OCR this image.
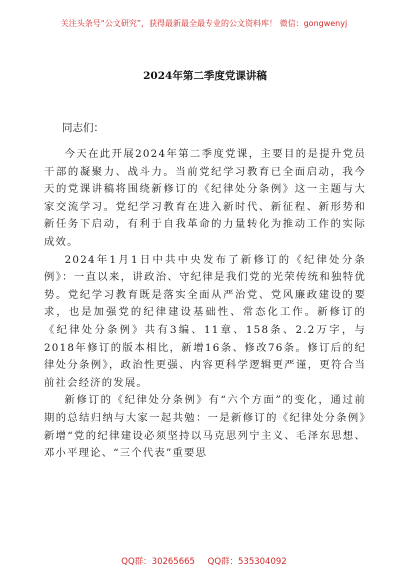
关注头条号“公文研究”，获得最新最全最专业的公文资料库！ 微信：gongwenyj
2024年第二季度党课讲稿
同志们：

今天在此开展2024年第二季度党课，主要目的是提升党员干部的凝聚力、战斗力。当前党纪学习教育已全面启动，我今天的党课讲稿将围绕新修订的《纪律处分条例》这一主题与大家交流学习。党纪学习教育在进入新时代、新征程、新形势和新任务下启动，有利于自我革命的力量转化为推动工作的实际成效。

2024年1月1日中共中央发布了新修订的《纪律处分条例》：一直以来，讲政治、守纪律是我们党的光荣传统和独特优势。党纪学习教育既是落实全面从严治党、党风廉政建设的要求，也是加强党的纪律建设基础性、常态化工作。新修订的《纪律处分条例》共有3编、11章、158条、2.2万字，与2018年修订的版本相比，新增16条、修改76条。修订后的纪律处分条例》，政治性更强、内容更科学逻辑更严谨，更符合当前社会经济的发展。

新修订的《纪律处分条例》有“六个方面”的变化，通过前期的总结归纳与大家一起共勉：一是新修订的《纪律处分条例》新增“党的纪律建设必须坚持以马克思列宁主义、毛泽东思想、邓小平理论、“三个代表”重要思

QQ群：30265665 QQ群：535304092
